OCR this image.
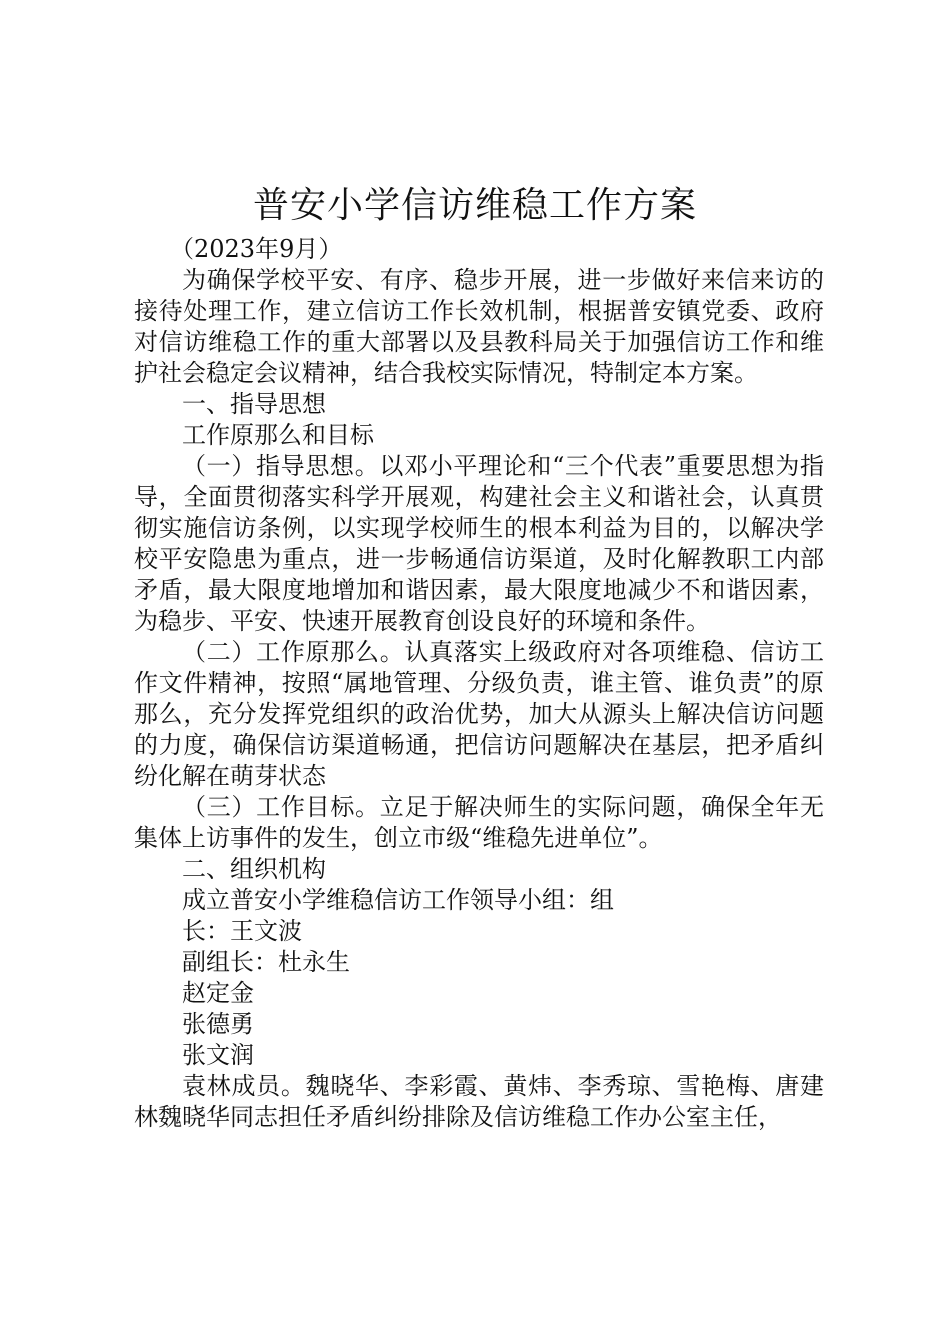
普安小学信访维稳工作方案

（2023年9月）

为确保学校平安、有序、稳步开展，进一步做好来信来访的接待处理工作，建立信访工作长效机制，根据普安镇党委、政府对信访维稳工作的重大部署以及县教科局关于加强信访工作和维护社会稳定会议精神，结合我校实际情况，特制定本方案。

一、指导思想

工作原那么和目标

（一）指导思想。以邓小平理论和“三个代表”重要思想为指导，全面贯彻落实科学开展观，构建社会主义和谐社会，认真贯彻实施信访条例，以实现学校师生的根本利益为目的，以解决学校平安隐患为重点，进一步畅通信访渠道，及时化解教职工内部矛盾，最大限度地增加和谐因素，最大限度地减少不和谐因素，为稳步、平安、快速开展教育创设良好的环境和条件。

（二）工作原那么。认真落实上级政府对各项维稳、信访工作文件精神，按照“属地管理、分级负责，谁主管、谁负责”的原那么，充分发挥党组织的政治优势，加大从源头上解决信访问题的力度，确保信访渠道畅通，把信访问题解决在基层，把矛盾纠纷化解在萌芽状态

（三）工作目标。立足于解决师生的实际问题，确保全年无集体上访事件的发生，创立市级“维稳先进单位”。

二、组织机构

成立普安小学维稳信访工作领导小组：组

长：王文波

副组长：杜永生

赵定金

张德勇

张文润

袁林成员。魏晓华、李彩霞、黄炜、李秀琼、雪艳梅、唐建林魏晓华同志担任矛盾纠纷排除及信访维稳工作办公室主任，
